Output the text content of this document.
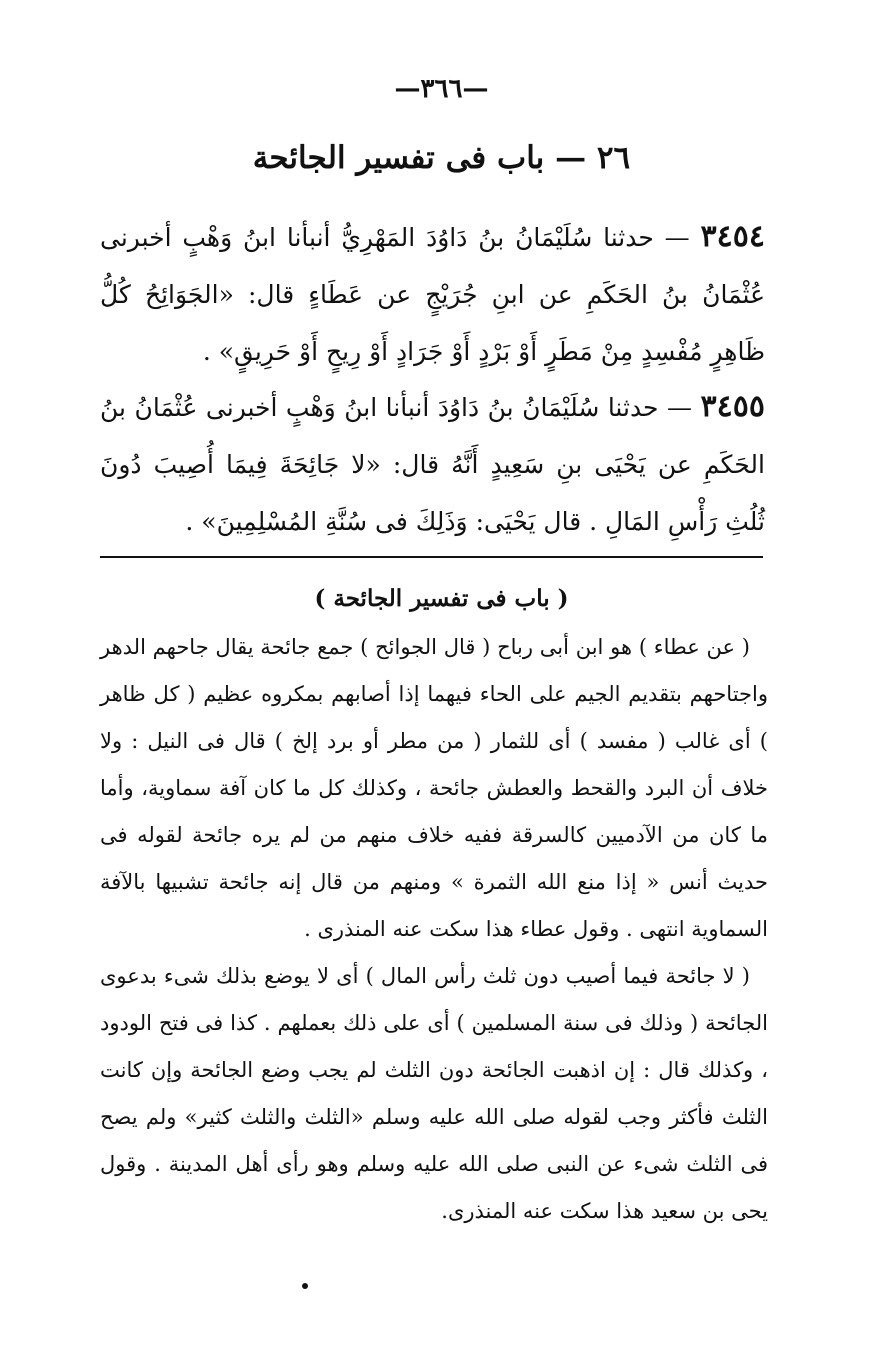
—٣٦٦—
٢٦ — باب فى تفسير الجائحة
٣٤٥٤ — حدثنا سُلَيْمَانُ بنُ دَاوُدَ المَهْرِيُّ أنبأنا ابنُ وَهْبٍ أخبرنى عُثْمَانُ بنُ الحَكَمِ عن ابنِ جُرَيْجٍ عن عَطَاءٍ قال: «الجَوَائِحُ كُلُّ ظَاهِرٍ مُفْسِدٍ مِنْ مَطَرٍ أَوْ بَرْدٍ أَوْ جَرَادٍ أَوْ رِيحٍ أَوْ حَرِيقٍ» .
٣٤٥٥ — حدثنا سُلَيْمَانُ بنُ دَاوُدَ أنبأنا ابنُ وَهْبٍ أخبرنى عُثْمَانُ بنُ الحَكَمِ عن يَحْيَى بنِ سَعِيدٍ أَنَّهُ قال: «لا جَائِحَةَ فِيمَا أُصِيبَ دُونَ ثُلُثِ رَأْسِ المَالِ . قال يَحْيَى: وَذَلِكَ فى سُنَّةِ المُسْلِمِينَ» .
( باب فى تفسير الجائحة )

( عن عطاء ) هو ابن أبى رباح ( قال الجوائح ) جمع جائحة يقال جاحهم الدهر واجتاحهم بتقديم الجيم على الحاء فيهما إذا أصابهم بمكروه عظيم ( كل ظاهر ) أى غالب ( مفسد ) أى للثمار ( من مطر أو برد إلخ ) قال فى النيل : ولا خلاف أن البرد والقحط والعطش جائحة ، وكذلك كل ما كان آفة سماوية، وأما ما كان من الآدميين كالسرقة ففيه خلاف منهم من لم يره جائحة لقوله فى حديث أنس « إذا منع الله الثمرة » ومنهم من قال إنه جائحة تشبيها بالآفة السماوية انتهى . وقول عطاء هذا سكت عنه المنذرى .

( لا جائحة فيما أصيب دون ثلث رأس المال ) أى لا يوضع بذلك شىء بدعوى الجائحة ( وذلك فى سنة المسلمين ) أى على ذلك بعملهم . كذا فى فتح الودود ، وكذلك قال : إن اذهبت الجائحة دون الثلث لم يجب وضع الجائحة وإن كانت الثلث فأكثر وجب لقوله صلى الله عليه وسلم «الثلث والثلث كثير» ولم يصح فى الثلث شىء عن النبى صلى الله عليه وسلم وهو رأى أهل المدينة . وقول يحى بن سعيد هذا سكت عنه المنذرى.
